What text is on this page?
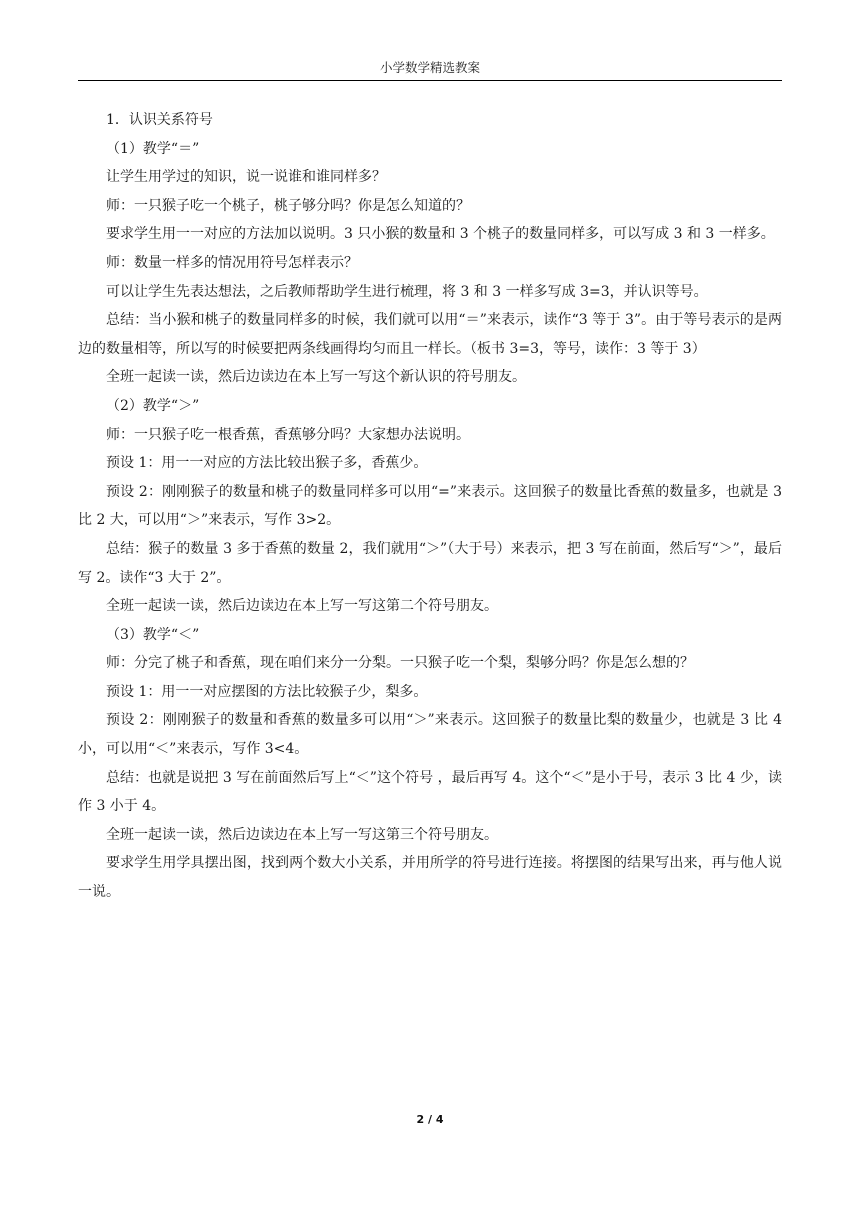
小学数学精选教案

1．认识关系符号

（1）教学“＝”

让学生用学过的知识，说一说谁和谁同样多？

师：一只猴子吃一个桃子，桃子够分吗？你是怎么知道的？

要求学生用一一对应的方法加以说明。3 只小猴的数量和 3 个桃子的数量同样多，可以写成 3 和 3 一样多。

师：数量一样多的情况用符号怎样表示？

可以让学生先表达想法，之后教师帮助学生进行梳理，将 3 和 3 一样多写成 3=3，并认识等号。

总结：当小猴和桃子的数量同样多的时候，我们就可以用“＝”来表示，读作“3 等于 3”。由于等号表示的是两边的数量相等，所以写的时候要把两条线画得均匀而且一样长。（板书 3=3，等号，读作：3 等于 3）

全班一起读一读，然后边读边在本上写一写这个新认识的符号朋友。

（2）教学“＞”

师：一只猴子吃一根香蕉，香蕉够分吗？大家想办法说明。

预设 1：用一一对应的方法比较出猴子多，香蕉少。

预设 2：刚刚猴子的数量和桃子的数量同样多可以用“=”来表示。这回猴子的数量比香蕉的数量多，也就是 3 比 2 大，可以用“＞”来表示，写作 3>2。

总结：猴子的数量 3 多于香蕉的数量 2，我们就用“＞”（大于号）来表示，把 3 写在前面，然后写“＞”，最后写 2。读作“3 大于 2”。

全班一起读一读，然后边读边在本上写一写这第二个符号朋友。

（3）教学“＜”

师：分完了桃子和香蕉，现在咱们来分一分梨。一只猴子吃一个梨，梨够分吗？你是怎么想的？

预设 1：用一一对应摆图的方法比较猴子少，梨多。

预设 2：刚刚猴子的数量和香蕉的数量多可以用“＞”来表示。这回猴子的数量比梨的数量少，也就是 3 比 4 小，可以用“＜”来表示，写作 3<4。

总结：也就是说把 3 写在前面然后写上“＜”这个符号 ，最后再写 4。这个“＜”是小于号，表示 3 比 4 少，读作 3 小于 4。

全班一起读一读，然后边读边在本上写一写这第三个符号朋友。

要求学生用学具摆出图，找到两个数大小关系，并用所学的符号进行连接。将摆图的结果写出来，再与他人说一说。

2 / 4
